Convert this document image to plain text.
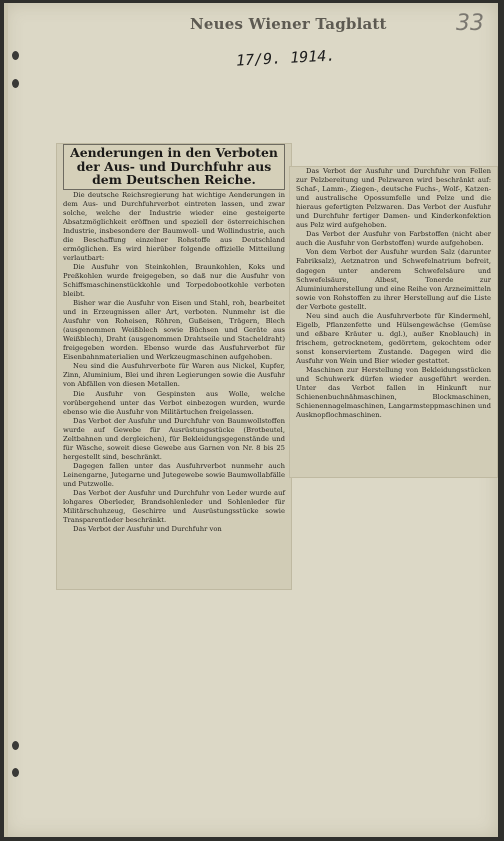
Neues Wiener Tagblatt	33
17/9. 1914.
Aenderungen in den Verboten der Aus- und Durchfuhr aus dem Deutschen Reiche.

Die deutsche Reichsregierung hat wichtige Aenderungen in dem Aus- und Durchfuhrverbot eintreten lassen, und zwar solche, welche der Industrie wieder eine gesteigerte Absatzmöglichkeit eröffnen und speziell der österreichischen Industrie, insbesondere der Baumwoll- und Wollindustrie, auch die Beschaffung einzelner Rohstoffe aus Deutschland ermöglichen. Es wird hierüber folgende offizielle Mitteilung verlautbart:

Die Ausfuhr von Steinkohlen, Braunkohlen, Koks und Preßkohlen wurde freigegeben, so daß nur die Ausfuhr von Schiffsmaschinenstückkohle und Torpedobootkohle verboten bleibt.

Bisher war die Ausfuhr von Eisen und Stahl, roh, bearbeitet und in Erzeugnissen aller Art, verboten. Nunmehr ist die Ausfuhr von Roheisen, Röhren, Gußeisen, Trägern, Blech (ausgenommen Weißblech sowie Büchsen und Geräte aus Weißblech), Draht (ausgenommen Drahtseile und Stacheldraht) freigegeben worden. Ebenso wurde das Ausfuhrverbot für Eisenbahnmaterialien und Werkzeugmaschinen aufgehoben.

Neu sind die Ausfuhrverbote für Waren aus Nickel, Kupfer, Zinn, Aluminium, Blei und ihren Legierungen sowie die Ausfuhr von Abfällen von diesen Metallen.

Die Ausfuhr von Gespinsten aus Wolle, welche vorübergehend unter das Verbot einbezogen wurden, wurde ebenso wie die Ausfuhr von Militärtuchen freigelassen.

Das Verbot der Ausfuhr und Durchfuhr von Baumwollstoffen wurde auf Gewebe für Ausrüstungsstücke (Brotbeutel, Zeltbahnen und dergleichen), für Bekleidungsgegenstände und für Wäsche, soweit diese Gewebe aus Garnen von Nr. 8 bis 25 hergestellt sind, beschränkt.

Dagegen fallen unter das Ausfuhrverbot nunmehr auch Leinengarne, Jutegarne und Jutegewebe sowie Baumwollabfälle und Putzwolle.

Das Verbot der Ausfuhr und Durchfuhr von Leder wurde auf lohgares Oberleder, Brandsohlenleder und Sohlenleder für Militärschuhzeug, Geschirre und Ausrüstungsstücke sowie Transparentleder beschränkt.

Das Verbot der Ausfuhr und Durchfuhr von

Das Verbot der Ausfuhr und Durchfuhr von Fellen zur Pelzbereitung und Pelzwaren wird beschränkt auf: Schaf-, Lamm-, Ziegen-, deutsche Fuchs-, Wolf-, Katzen- und australische Opossumfelle und Pelze und die hieraus gefertigten Pelzwaren. Das Verbot der Ausfuhr und Durchfuhr fertiger Damen- und Kinderkonfektion aus Pelz wird aufgehoben.

Das Verbot der Ausfuhr von Farbstoffen (nicht aber auch die Ausfuhr von Gerbstoffen) wurde aufgehoben.

Von dem Verbot der Ausfuhr wurden Salz (darunter Fabriksalz), Aetznatron und Schwefelnatrium befreit, dagegen unter anderem Schwefelsäure und Schwefelsäure, Albest, Tonerde zur Aluminiumherstellung und eine Reihe von Arzneimitteln sowie von Rohstoffen zu ihrer Herstellung auf die Liste der Verbote gestellt.

Neu sind auch die Ausfuhrverbote für Kindermehl, Eigelb, Pflanzenfette und Hülsengewächse (Gemüse und eßbare Kräuter u. dgl.), außer Knoblauch) in frischem, getrocknetem, gedörrtem, gekochtem oder sonst konserviertem Zustande. Dagegen wird die Ausfuhr von Wein und Bier wieder gestattet.

Maschinen zur Herstellung von Bekleidungsstücken und Schuhwerk dürfen wieder ausgeführt werden. Unter das Verbot fallen in Hinkunft nur Schienenbuchnähmaschinen, Blockmaschinen, Schienennagelmaschinen, Langarmsteppmaschinen und Ausknopflochmaschinen.
